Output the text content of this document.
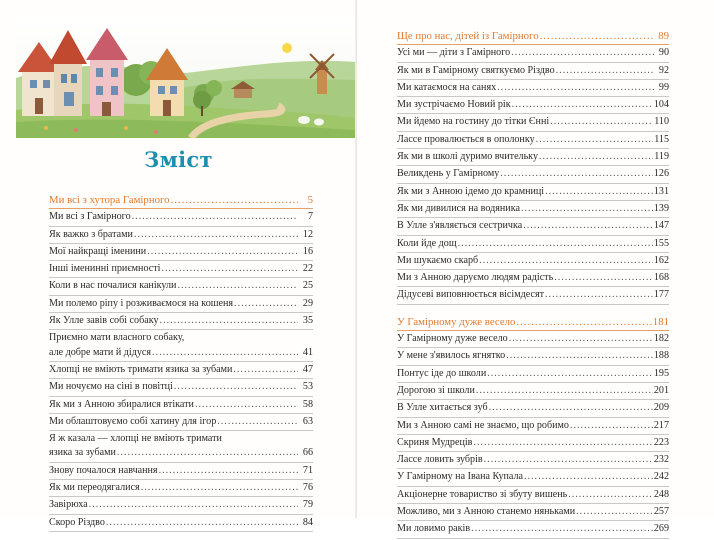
Зміст
Ми всі з хутора Гамірного .....	5
Ми всі з Гамірного .....	7
Як важко з братами .....	12
Мої найкращі іменини .....	16
Інші іменинні приємності .....	22
Коли в нас почалися канікули .....	25
Ми полемо ріпу і розживаємося на кошеня .....	29
Як Улле завів собі собаку .....	35
Приємно мати власного собаку,
але добре мати й дідуся .....	41
Хлопці не вміють тримати язика за зубами .....	47
Ми ночуємо на сіні в повітці .....	53
Як ми з Анною збиралися втікати .....	58
Ми облаштовуємо собі хатину для ігор .....	63
Я ж казала — хлопці не вміють тримати
язика за зубами .....	66
Знову почалося навчання .....	71
Як ми переодягалися .....	76
Завірюха .....	79
Скоро Різдво .....	84
Ще про нас, дітей із Гамірного .....	89
Усі ми — діти з Гамірного .....	90
Як ми в Гамірному святкуємо Різдво .....	92
Ми катаємося на санях .....	99
Ми зустрічаємо Новий рік .....	104
Ми йдемо на гостину до тітки Єнні .....	110
Лассе провалюється в ополонку .....	115
Як ми в школі дуримо вчительку .....	119
Великдень у Гамірному .....	126
Як ми з Анною ідемо до крамниці .....	131
Як ми дивилися на водяника .....	139
В Улле з'являється сестричка .....	147
Коли йде дощ .....	155
Ми шукаємо скарб .....	162
Ми з Анною даруємо людям радість .....	168
Дідусеві виповнюється вісімдесят .....	177
У Гамірному дуже весело .....	181
У Гамірному дуже весело .....	182
У мене з'явилось ягнятко .....	188
Понтус іде до школи .....	195
Дорогою зі школи .....	201
В Улле хитається зуб .....	209
Ми з Анною самі не знаємо, що робимо .....	217
Скриня Мудреців .....	223
Лассе ловить зубрів .....	232
У Гамірному на Івана Купала .....	242
Акціонерне товариство зі збуту вишень .....	248
Можливо, ми з Анною станемо няньками .....	257
Ми ловимо раків .....	269
